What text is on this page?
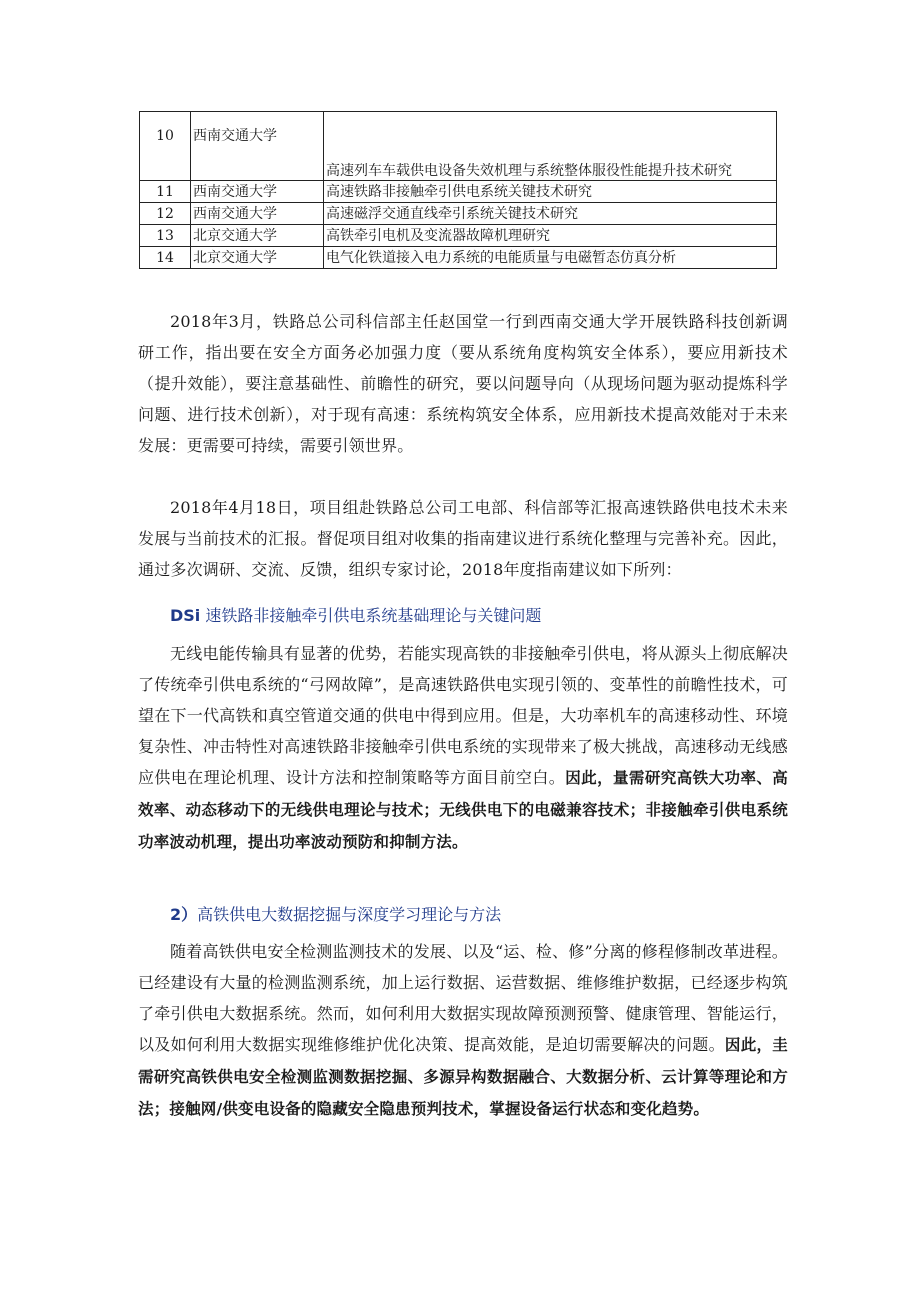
10	西南交通大学	高速列车车载供电设备失效机理与系统整体服役性能提升技术研究
11	西南交通大学	高速铁路非接触牵引供电系统关键技术研究
12	西南交通大学	高速磁浮交通直线牵引系统关键技术研究
13	北京交通大学	高铁牵引电机及变流器故障机理研究
14	北京交通大学	电气化铁道接入电力系统的电能质量与电磁暂态仿真分析

2018年3月，铁路总公司科信部主任赵国堂一行到西南交通大学开展铁路科技创新调研工作，指出要在安全方面务必加强力度（要从系统角度构筑安全体系），要应用新技术（提升效能），要注意基础性、前瞻性的研究，要以问题导向（从现场问题为驱动提炼科学问题、进行技术创新），对于现有高速：系统构筑安全体系，应用新技术提高效能对于未来发展：更需要可持续，需要引领世界。

2018年4月18日，项目组赴铁路总公司工电部、科信部等汇报高速铁路供电技术未来发展与当前技术的汇报。督促项目组对收集的指南建议进行系统化整理与完善补充。因此，通过多次调研、交流、反馈，组织专家讨论，2018年度指南建议如下所列：

DSi 速铁路非接触牵引供电系统基础理论与关键问题

无线电能传输具有显著的优势，若能实现高铁的非接触牵引供电，将从源头上彻底解决了传统牵引供电系统的“弓网故障”，是高速铁路供电实现引领的、变革性的前瞻性技术，可望在下一代高铁和真空管道交通的供电中得到应用。但是，大功率机车的高速移动性、环境复杂性、冲击特性对高速铁路非接触牵引供电系统的实现带来了极大挑战，高速移动无线感应供电在理论机理、设计方法和控制策略等方面目前空白。因此，量需研究高铁大功率、高效率、动态移动下的无线供电理论与技术；无线供电下的电磁兼容技术；非接触牵引供电系统功率波动机理，提出功率波动预防和抑制方法。

2）高铁供电大数据挖掘与深度学习理论与方法

随着高铁供电安全检测监测技术的发展、以及“运、检、修”分离的修程修制改革进程。已经建设有大量的检测监测系统，加上运行数据、运营数据、维修维护数据，已经逐步构筑了牵引供电大数据系统。然而，如何利用大数据实现故障预测预警、健康管理、智能运行，以及如何利用大数据实现维修维护优化决策、提高效能，是迫切需要解决的问题。因此，圭需研究高铁供电安全检测监测数据挖掘、多源异构数据融合、大数据分析、云计算等理论和方法；接触网/供变电设备的隐藏安全隐患预判技术，掌握设备运行状态和变化趋势。
